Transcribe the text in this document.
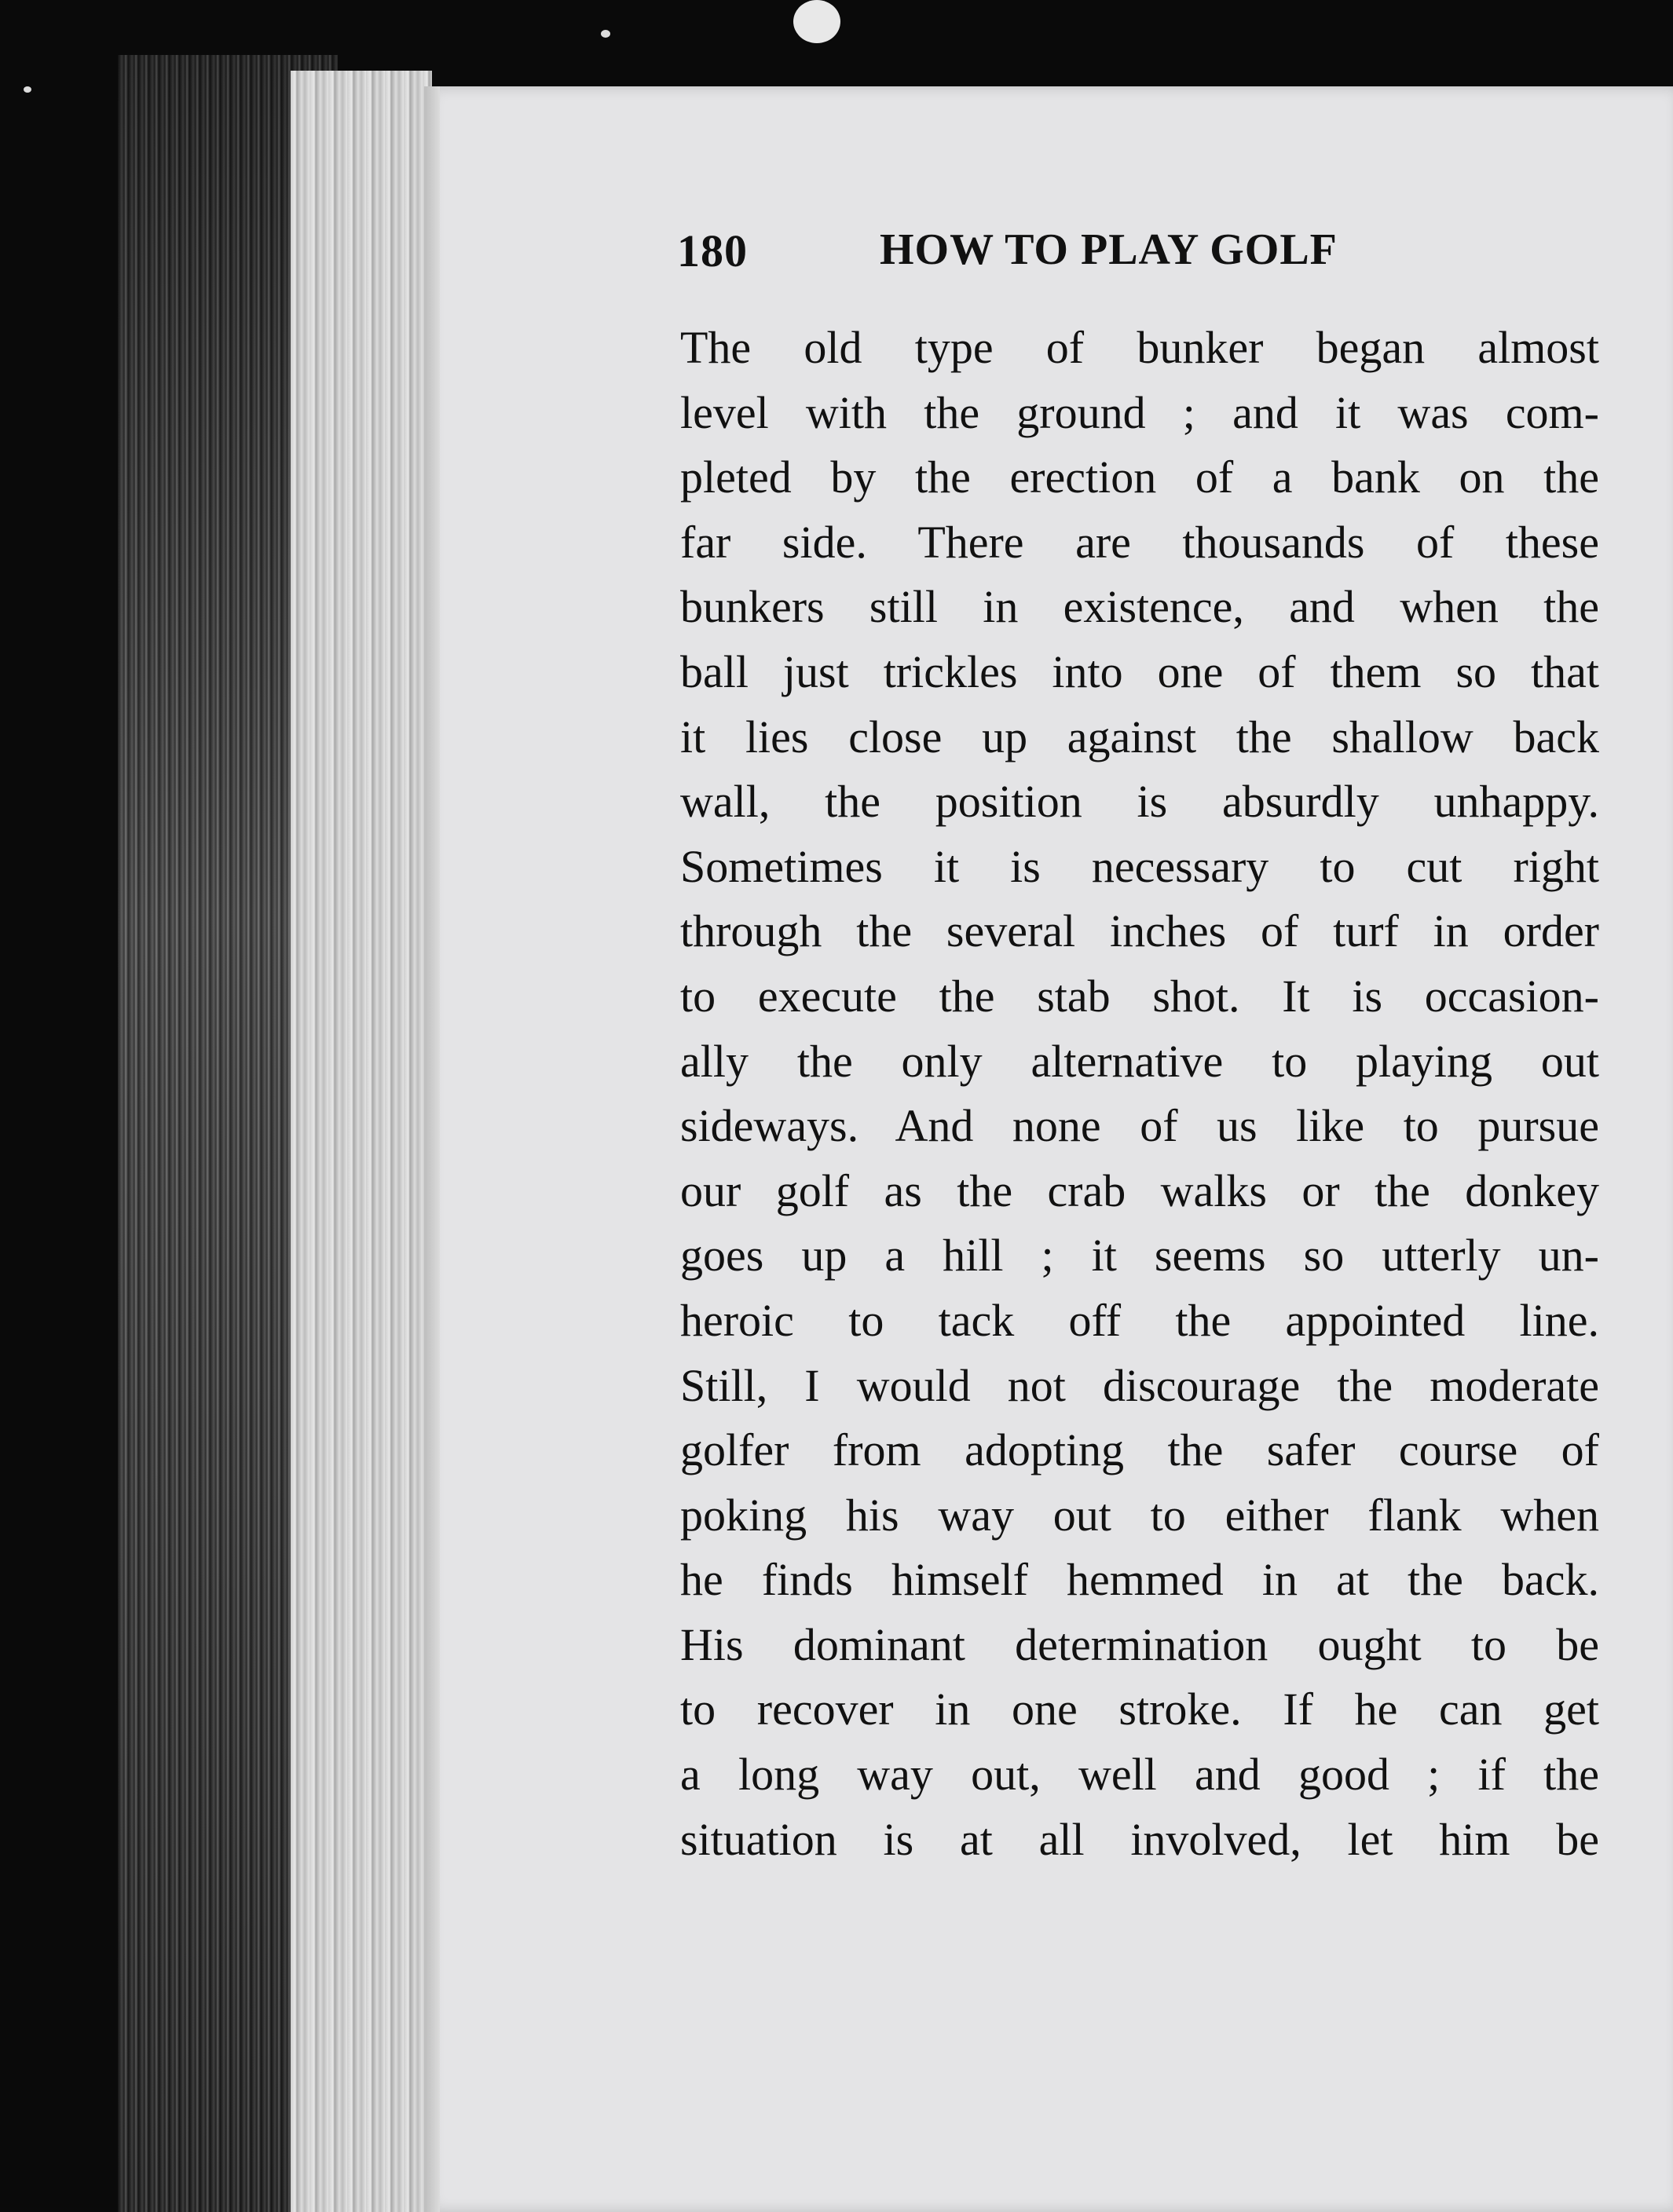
180	HOW TO PLAY GOLF
The old type of bunker began almost
level with the ground ; and it was com-
pleted by the erection of a bank on the
far side. There are thousands of these
bunkers still in existence, and when the
ball just trickles into one of them so that
it lies close up against the shallow back
wall, the position is absurdly unhappy.
Sometimes it is necessary to cut right
through the several inches of turf in order
to execute the stab shot. It is occasion-
ally the only alternative to playing out
sideways. And none of us like to pursue
our golf as the crab walks or the donkey
goes up a hill ; it seems so utterly un-
heroic to tack off the appointed line.
Still, I would not discourage the moderate
golfer from adopting the safer course of
poking his way out to either flank when
he finds himself hemmed in at the back.
His dominant determination ought to be
to recover in one stroke. If he can get
a long way out, well and good ; if the
situation is at all involved, let him be
